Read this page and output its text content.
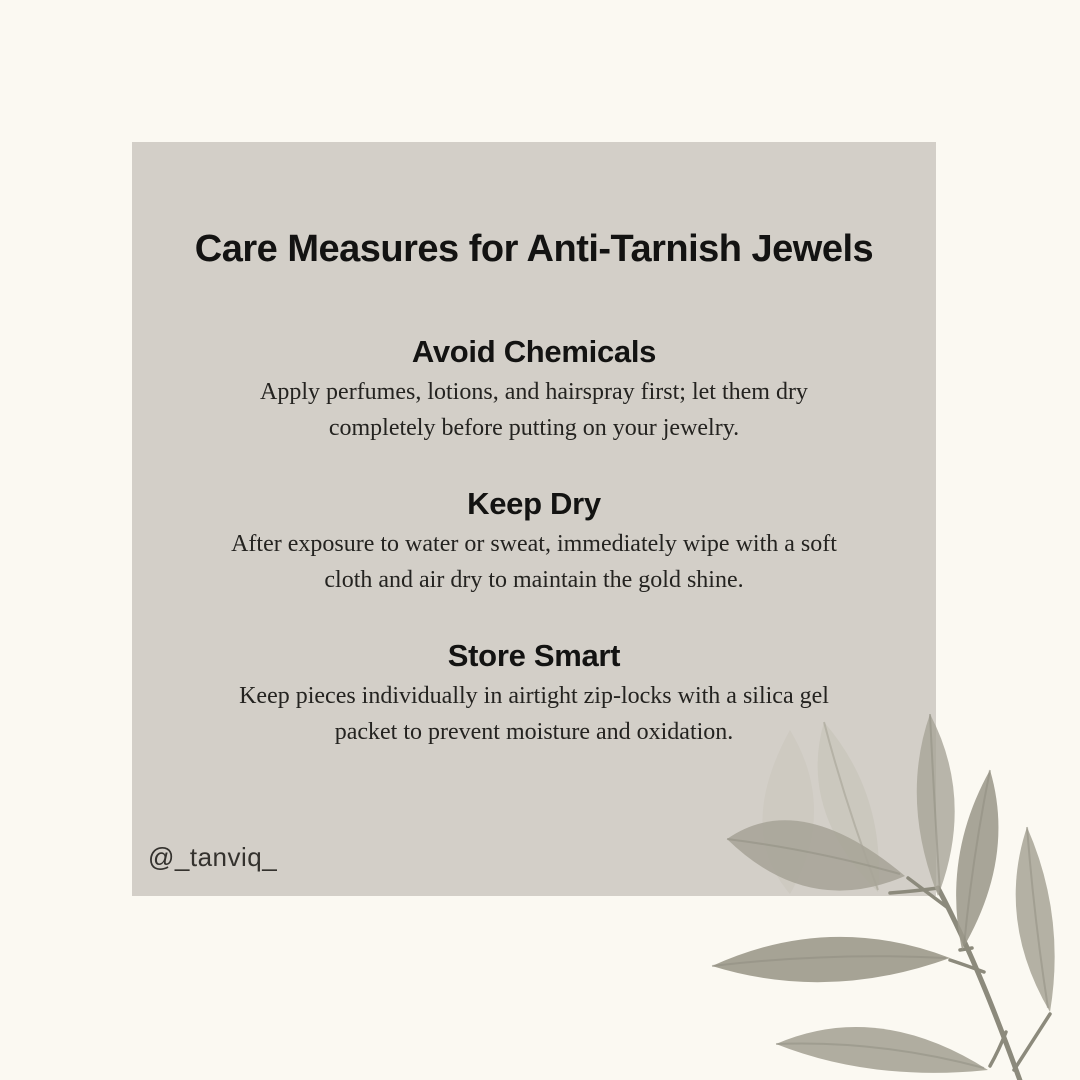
Care Measures for Anti-Tarnish Jewels
Avoid Chemicals
Apply perfumes, lotions, and hairspray first; let them dry
completely before putting on your jewelry.
Keep Dry
After exposure to water or sweat, immediately wipe with a soft
cloth and air dry to maintain the gold shine.
Store Smart
Keep pieces individually in airtight zip-locks with a silica gel
packet to prevent moisture and oxidation.
@_tanviq_
